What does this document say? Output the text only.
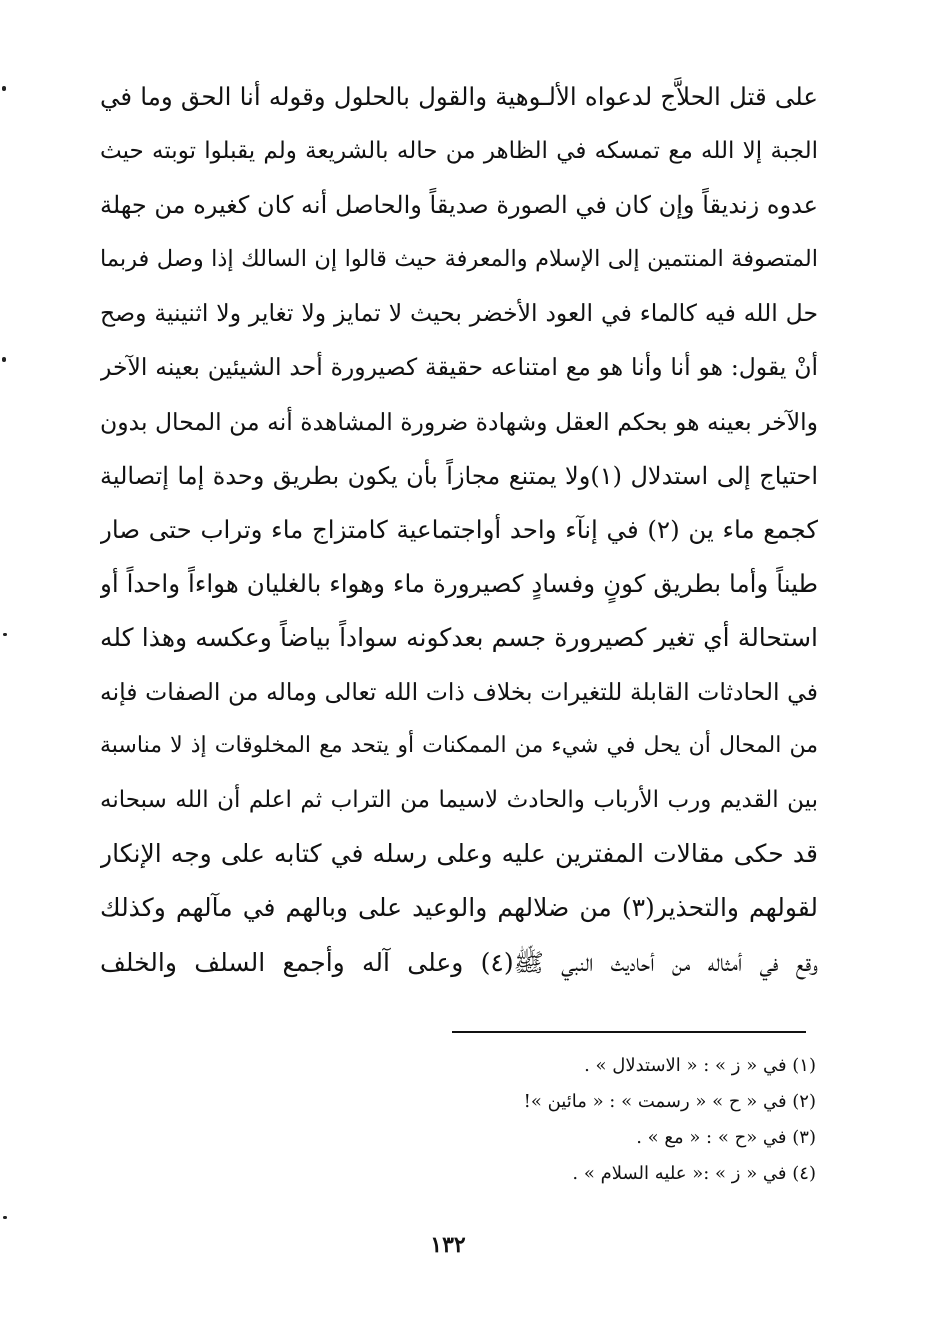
على قتل الحلاَّج لدعواه الألـوهية والقول بالحلول وقوله أنا الحق وما في
الجبة إلا الله مع تمسكه في الظاهر من حاله بالشريعة ولم يقبلوا توبته حيث
عدوه زنديقاً وإن كان في الصورة صديقاً والحاصل أنه كان كغيره من جهلة
المتصوفة المنتمين إلى الإسلام والمعرفة حيث قالوا إن السالك إذا وصل فربما
حل الله فيه كالماء في العود الأخضر بحيث لا تمايز ولا تغاير ولا اثنينية وصح
أنْ يقول: هو أنا وأنا هو مع امتناعه حقيقة كصيرورة أحد الشيئين بعينه الآخر
والآخر بعينه هو بحكم العقل وشهادة ضرورة المشاهدة أنه من المحال بدون
احتياج إلى استدلال (١)ولا يمتنع مجازاً بأن يكون بطريق وحدة إما إتصالية
كجمع ماء ين (٢) في إنآء واحد أواجتماعية كامتزاج ماء وتراب حتى صار
طيناً وأما بطريق كونٍ وفسادٍ كصيرورة ماء وهواء بالغليان هواءاً واحداً أو
استحالة أي تغير كصيرورة جسم بعدكونه سواداً بياضاً وعكسه وهذا كله
في الحادثات القابلة للتغيرات بخلاف ذات الله تعالى وماله من الصفات فإنه
من المحال أن يحل في شيء من الممكنات أو يتحد مع المخلوقات إذ لا مناسبة
بين القديم ورب الأرباب والحادث لاسيما من التراب ثم اعلم أن الله سبحانه
قد حكى مقالات المفترين عليه وعلى رسله في كتابه على وجه الإنكار
لقولهم والتحذير(٣) من ضلالهم والوعيد على وبالهم في مآلهم وكذلك
وقع في أمثاله من أحاديث النبي ﷺ(٤) وعلى آله وأجمع السلف والخلف
(١) في « ز » : « الاستدلال » .
(٢) في « ح » « رسمت » : « مائين »!
(٣) في «ح » : « مع » .
(٤) في « ز » :« عليه السلام » .
١٣٢
